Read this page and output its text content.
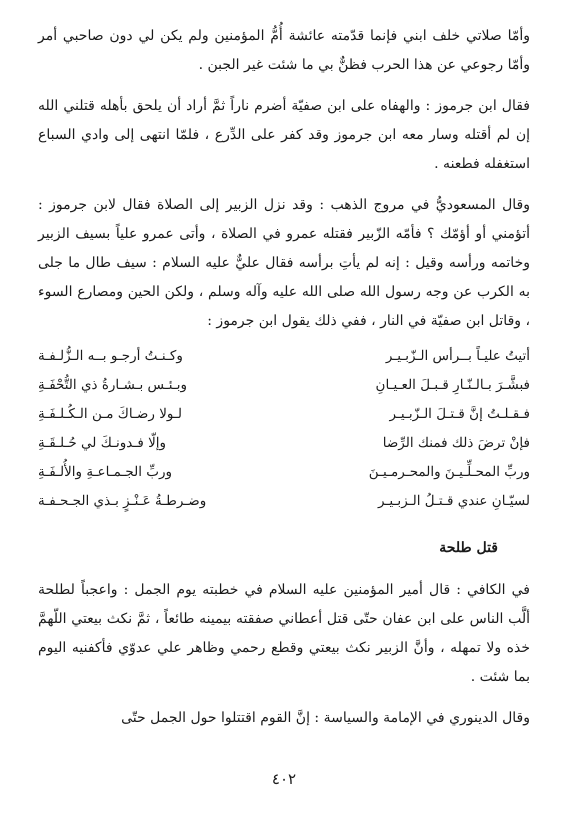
وأمّا صلاتي خلف ابني فإنما قدّمته عائشة أُمُّ المؤمنين ولم يكن لي دون صاحبي أمر وأمّا رجوعي عن هذا الحرب فظنٌّ بي ما شئت غير الجبن .

فقال ابن جرموز : والهفاه على ابن صفيّة أضرم ناراً ثمَّ أراد أن يلحق بأهله قتلني الله إن لم أقتله وسار معه ابن جرموز وقد كفر على الدِّرع ، فلمّا انتهى إلى وادي السباع استغفله فطعنه .

وقال المسعوديُّ في مروج الذهب : وقد نزل الزبير إلى الصلاة فقال لابن جرموز : أتؤمني أو أؤمّك ؟ فأمّه الزّبير فقتله عمرو في الصلاة ، وأتى عمرو علياً بسيف الزبير وخاتمه ورأسه وقيل : إنه لم يأتِ برأسه فقال عليٌّ عليه السلام : سيف طال ما جلى به الكرب عن وجه رسول الله صلى الله عليه وآله وسلم ، ولكن الحين ومصارع السوء ، وقاتل ابن صفيّة في النار ، ففي ذلك يقول ابن جرموز :

أتيتُ عليـاً بــرأس الـزّبـيـر
وكـنـتُ أرجـو بــه الـزُّلـفـة
فبشَّـرَ بـالـنّـارِ قـبـلَ العـيـانِ
وبـئـس بـشـارةُ ذي التُّحْفَـةِ
فـقـلـتُ إنَّ قـتـلَ الـزّبـيـر
لـولا رضـاكَ مـن الـكُـلـفَـةِ
فإنْ ترضَ ذلك فمنك الرِّضا
وإلّا فـدونـكَ لي حُـلـقَـةِ
وربِّ المحـلِّـيـنَ والمحـرمـيـنَ
وربِّ الجـمـاعـةِ والأُلـفَـةِ
لسيّـانِ عندي قـتـلُ الـزبـيـر
وضـرطـةُ عَـنْـزٍ بـذي الجـحـفـة
قتل طلحة

في الكافي : قال أمير المؤمنين عليه السلام في خطبته يوم الجمل : واعجباً لطلحة ألَّب الناس على ابن عفان حتّى قتل أعطاني صفقته بيمينه طائعاً ، ثمَّ نكث بيعتي اللّهمَّ خذه ولا تمهله ، وأنَّ الزبير نكث بيعتي وقطع رحمي وظاهر علي عدوّي فأكفنيه اليوم بما شئت .

وقال الدينوري في الإمامة والسياسة : إنَّ القوم اقتتلوا حول الجمل حتّى

٤٠٢
